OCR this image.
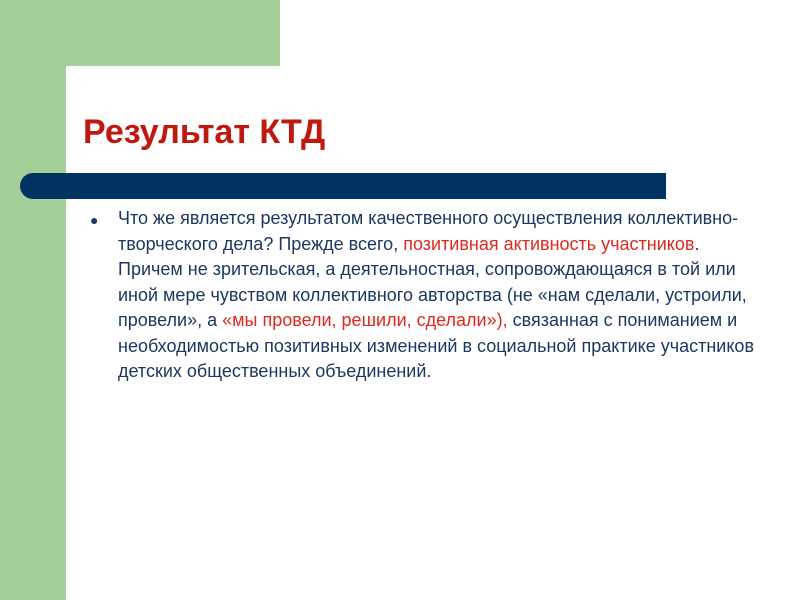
Результат КТД
● Что же является результатом качественного осуществления коллективно-творческого дела? Прежде всего, позитивная активность участников. Причем не зрительская, а деятельностная, сопровождающаяся в той или иной мере чувством коллективного авторства (не «нам сделали, устроили, провели», а «мы провели, решили, сделали»), связанная с пониманием и необходимостью позитивных изменений в социальной практике участников детских общественных объединений.
